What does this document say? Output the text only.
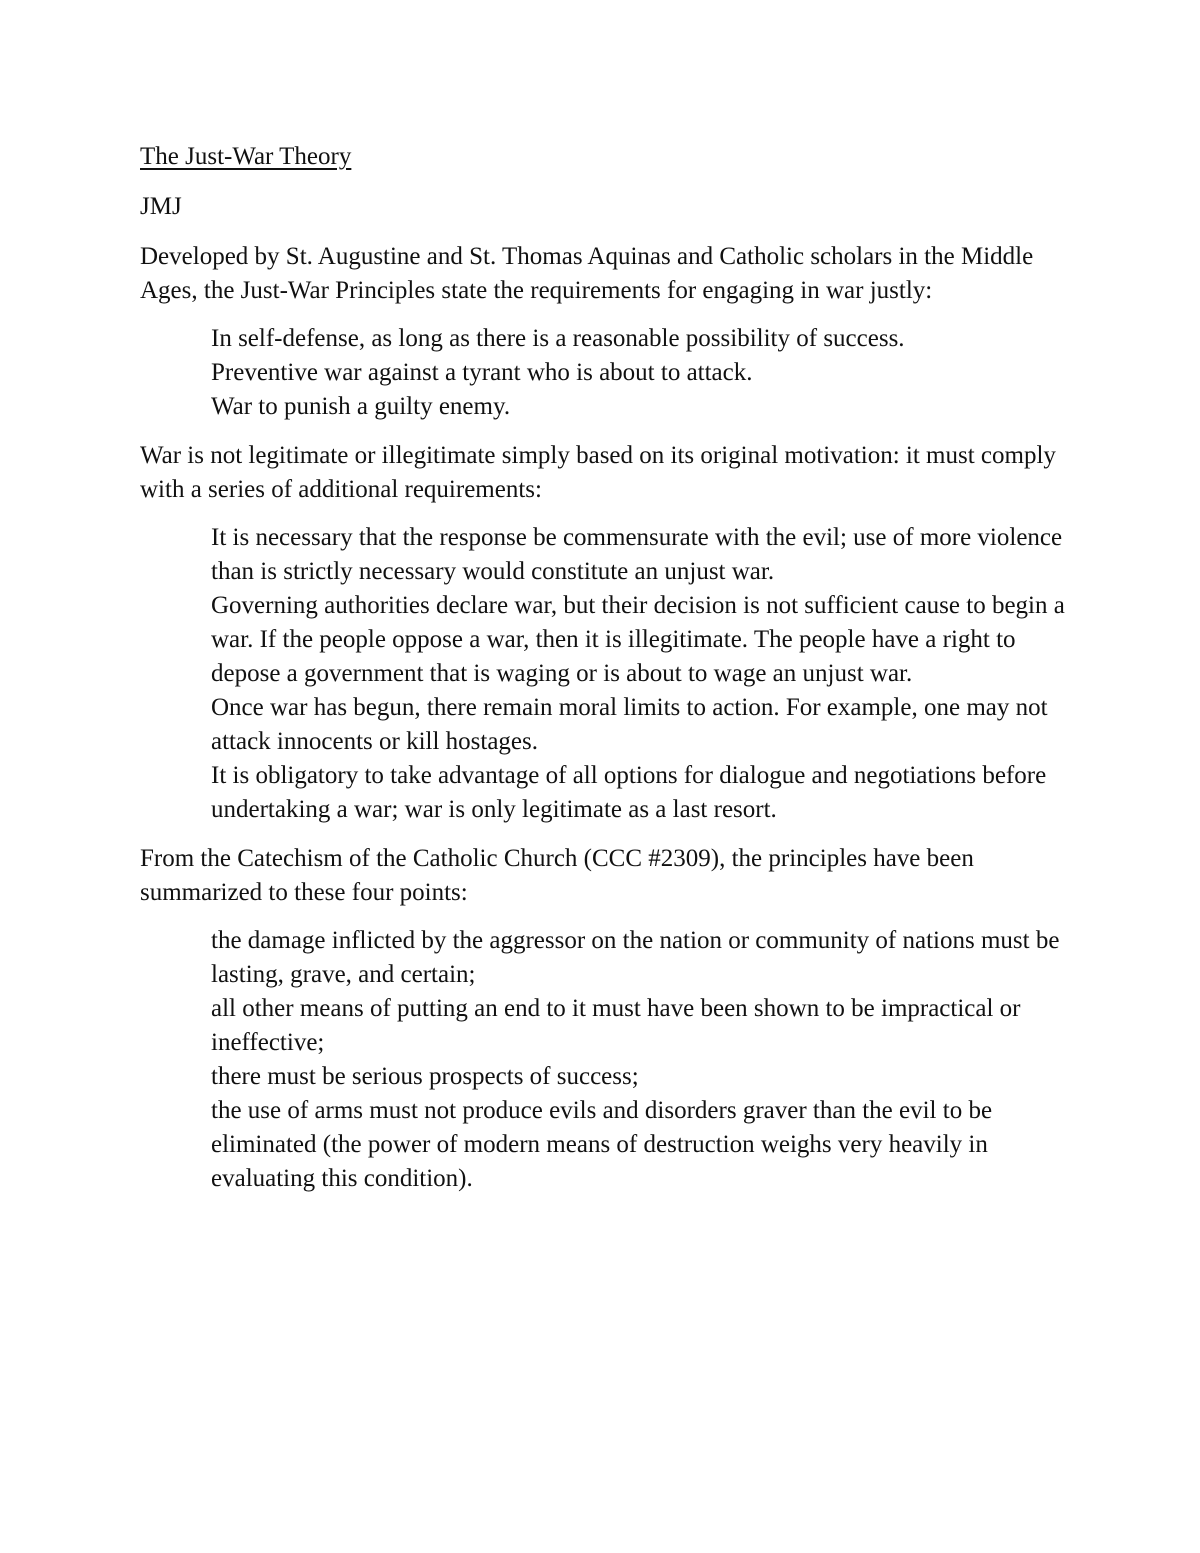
The Just-War Theory
JMJ
Developed by St. Augustine and St. Thomas Aquinas and Catholic scholars in the Middle Ages, the Just-War Principles state the requirements for engaging in war justly:
In self-defense, as long as there is a reasonable possibility of success.
Preventive war against a tyrant who is about to attack.
War to punish a guilty enemy.
War is not legitimate or illegitimate simply based on its original motivation: it must comply with a series of additional requirements:
It is necessary that the response be commensurate with the evil; use of more violence than is strictly necessary would constitute an unjust war.
Governing authorities declare war, but their decision is not sufficient cause to begin a war. If the people oppose a war, then it is illegitimate. The people have a right to depose a government that is waging or is about to wage an unjust war.
Once war has begun, there remain moral limits to action. For example, one may not attack innocents or kill hostages.
It is obligatory to take advantage of all options for dialogue and negotiations before undertaking a war; war is only legitimate as a last resort.
From the Catechism of the Catholic Church (CCC #2309), the principles have been summarized to these four points:
the damage inflicted by the aggressor on the nation or community of nations must be lasting, grave, and certain;
all other means of putting an end to it must have been shown to be impractical or ineffective;
there must be serious prospects of success;
the use of arms must not produce evils and disorders graver than the evil to be eliminated (the power of modern means of destruction weighs very heavily in evaluating this condition).
